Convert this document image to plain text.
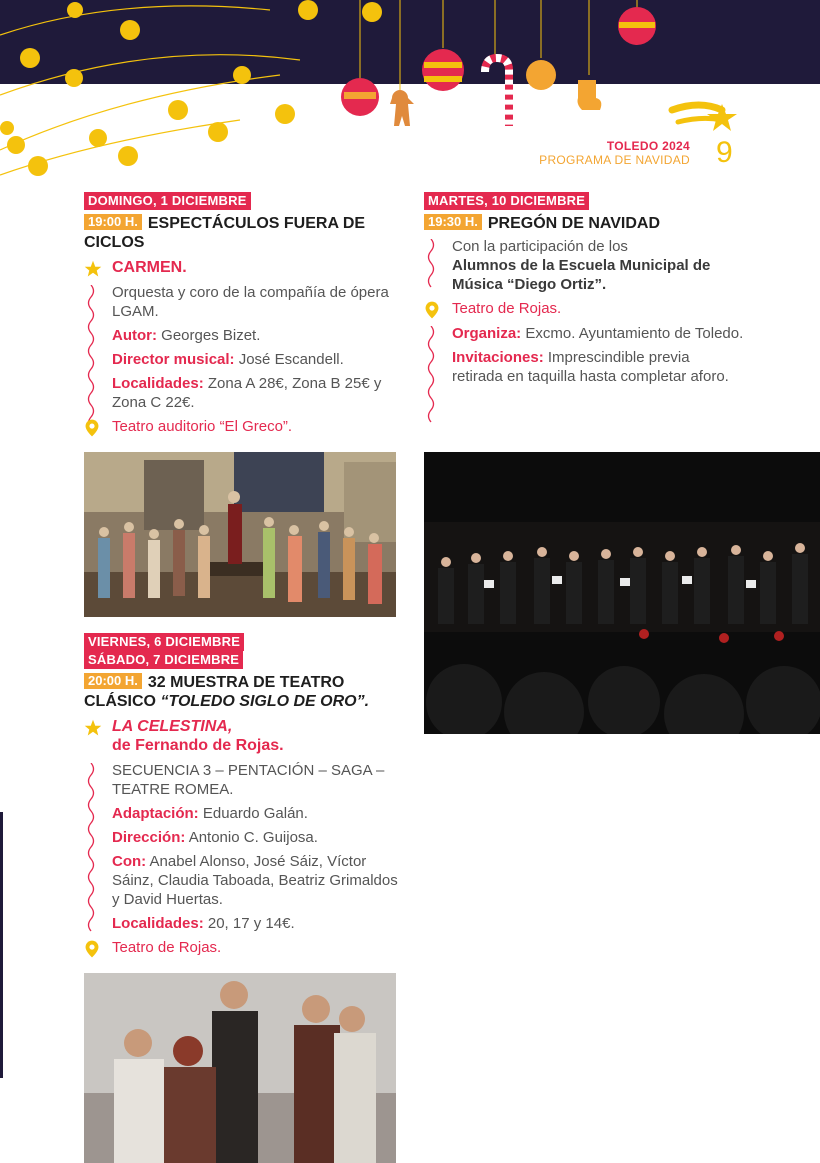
TOLEDO 2024
PROGRAMA DE NAVIDAD 9
DOMINGO, 1 DICIEMBRE
19:00 H. ESPECTÁCULOS FUERA DE CICLOS
CARMEN.

Orquesta y coro de la compañía de ópera LGAM.

Autor: Georges Bizet.

Director musical: José Escandell.

Localidades: Zona A 28€, Zona B 25€ y Zona C 22€.

Teatro auditorio “El Greco”.
VIERNES, 6 DICIEMBRE
SÁBADO, 7 DICIEMBRE
20:00 H. 32 MUESTRA DE TEATRO CLÁSICO “TOLEDO SIGLO DE ORO”.
LA CELESTINA,
de Fernando de Rojas.

SECUENCIA 3 – PENTACIÓN – SAGA – TEATRE ROMEA.

Adaptación: Eduardo Galán.

Dirección: Antonio C. Guijosa.

Con: Anabel Alonso, José Sáiz, Víctor Sáinz, Claudia Taboada, Beatriz Grimaldos y David Huertas.

Localidades: 20, 17 y 14€.

Teatro de Rojas.
MARTES, 10 DICIEMBRE
19:30 H. PREGÓN DE NAVIDAD

Con la participación de los

Alumnos de la Escuela Municipal de Música “Diego Ortiz”.

Teatro de Rojas.

Organiza: Excmo. Ayuntamiento de Toledo.

Invitaciones: Imprescindible previa retirada en taquilla hasta completar aforo.
